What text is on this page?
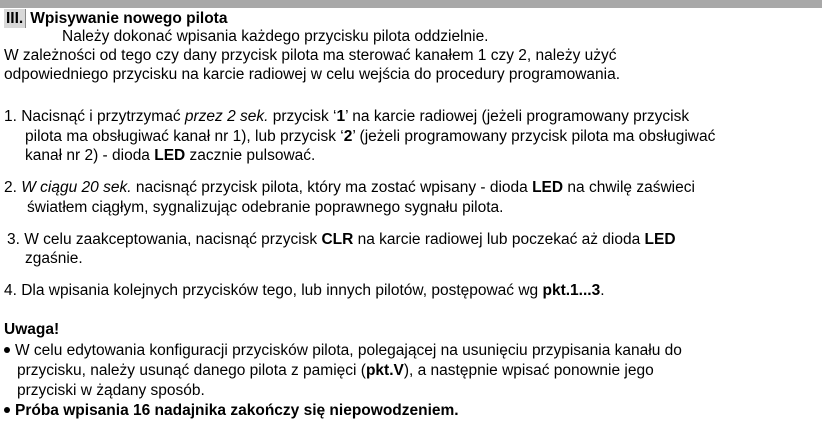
III. Wpisywanie nowego pilota
Należy dokonać wpisania każdego przycisku pilota oddzielnie.
W zależności od tego czy dany przycisk pilota ma sterować kanałem 1 czy 2, należy użyć
odpowiedniego przycisku na karcie radiowej w celu wejścia do procedury programowania.
1. Nacisnąć i przytrzymać przez 2 sek. przycisk ‘1’ na karcie radiowej (jeżeli programowany przycisk
pilota ma obsługiwać kanał nr 1), lub przycisk ‘2’ (jeżeli programowany przycisk pilota ma obsługiwać
kanał nr 2) - dioda LED zacznie pulsować.
2. W ciągu 20 sek. nacisnąć przycisk pilota, który ma zostać wpisany - dioda LED na chwilę zaświeci
światłem ciągłym, sygnalizując odebranie poprawnego sygnału pilota.
3. W celu zaakceptowania, nacisnąć przycisk CLR na karcie radiowej lub poczekać aż dioda LED
zgaśnie.
4. Dla wpisania kolejnych przycisków tego, lub innych pilotów, postępować wg pkt.1...3.
Uwaga!
W celu edytowania konfiguracji przycisków pilota, polegającej na usunięciu przypisania kanału do
przycisku, należy usunąć danego pilota z pamięci (pkt.V), a następnie wpisać ponownie jego
przyciski w żądany sposób.
Próba wpisania 16 nadajnika zakończy się niepowodzeniem.
